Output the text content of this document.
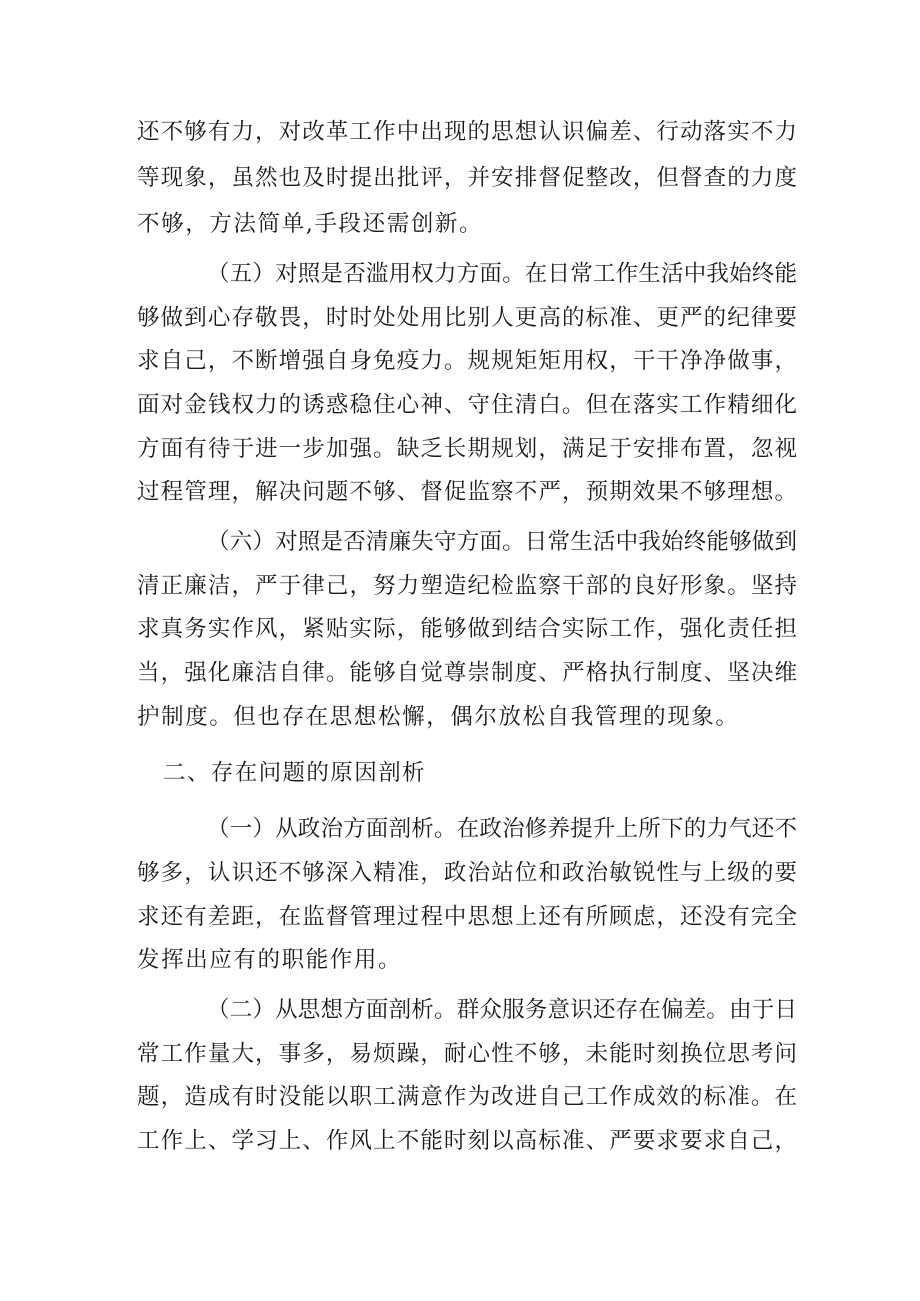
还不够有力，对改革工作中出现的思想认识偏差、行动落实不力
等现象，虽然也及时提出批评，并安排督促整改，但督查的力度
不够，方法简单,手段还需创新。
（五）对照是否滥用权力方面。在日常工作生活中我始终能
够做到心存敬畏，时时处处用比别人更高的标准、更严的纪律要
求自己，不断增强自身免疫力。规规矩矩用权，干干净净做事，
面对金钱权力的诱惑稳住心神、守住清白。但在落实工作精细化
方面有待于进一步加强。缺乏长期规划，满足于安排布置，忽视
过程管理，解决问题不够、督促监察不严，预期效果不够理想。
（六）对照是否清廉失守方面。日常生活中我始终能够做到
清正廉洁，严于律己，努力塑造纪检监察干部的良好形象。坚持
求真务实作风，紧贴实际，能够做到结合实际工作，强化责任担
当，强化廉洁自律。能够自觉尊崇制度、严格执行制度、坚决维
护制度。但也存在思想松懈，偶尔放松自我管理的现象。
二、存在问题的原因剖析
（一）从政治方面剖析。在政治修养提升上所下的力气还不
够多，认识还不够深入精准，政治站位和政治敏锐性与上级的要
求还有差距，在监督管理过程中思想上还有所顾虑，还没有完全
发挥出应有的职能作用。
（二）从思想方面剖析。群众服务意识还存在偏差。由于日
常工作量大，事多，易烦躁，耐心性不够，未能时刻换位思考问
题，造成有时没能以职工满意作为改进自己工作成效的标准。在
工作上、学习上、作风上不能时刻以高标准、严要求要求自己，
